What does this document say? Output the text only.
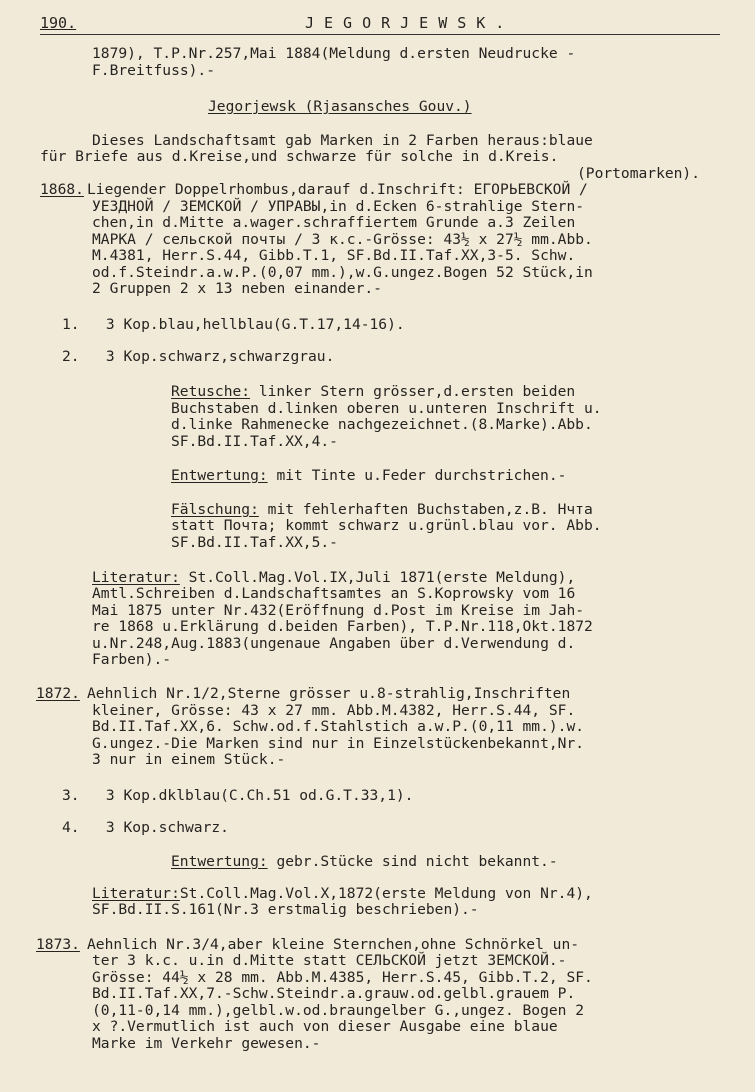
190.	JEGORJEWSK.
1879), T.P.Nr.257,Mai 1884(Meldung d.ersten Neudrucke -
F.Breitfuss).-
Jegorjewsk (Rjasansches Gouv.)
Dieses Landschaftsamt gab Marken in 2 Farben heraus:blaue
für Briefe aus d.Kreise,und schwarze für solche in d.Kreis.
(Portomarken).
1868. Liegender Doppelrhombus,darauf d.Inschrift: ЕГОРЬЕВСКОЙ /
УЕЗДНОЙ / ЗЕМСКОЙ / УПРАВЫ,in d.Ecken 6-strahlige Stern-
chen,in d.Mitte a.wager.schraffiertem Grunde a.3 Zeilen
МАРКА / сельской почты / 3 к.с.-Grösse: 43½ x 27½ mm.Abb.
M.4381, Herr.S.44, Gibb.T.1, SF.Bd.II.Taf.XX,3-5. Schw.
od.f.Steindr.a.w.P.(0,07 mm.),w.G.ungez.Bogen 52 Stück,in
2 Gruppen 2 x 13 neben einander.-
1.   3 Kop.blau,hellblau(G.T.17,14-16).
2.   3 Kop.schwarz,schwarzgrau.
Retusche: linker Stern grösser,d.ersten beiden
Buchstaben d.linken oberen u.unteren Inschrift u.
d.linke Rahmenecke nachgezeichnet.(8.Marke).Abb.
SF.Bd.II.Taf.XX,4.-
Entwertung: mit Tinte u.Feder durchstrichen.-
Fälschung: mit fehlerhaften Buchstaben,z.B. Нчта
statt Почта; kommt schwarz u.grünl.blau vor. Abb.
SF.Bd.II.Taf.XX,5.-
Literatur: St.Coll.Mag.Vol.IX,Juli 1871(erste Meldung),
Amtl.Schreiben d.Landschaftsamtes an S.Koprowsky vom 16
Mai 1875 unter Nr.432(Eröffnung d.Post im Kreise im Jah-
re 1868 u.Erklärung d.beiden Farben), T.P.Nr.118,Okt.1872
u.Nr.248,Aug.1883(ungenaue Angaben über d.Verwendung d.
Farben).-
1872. Aehnlich Nr.1/2,Sterne grösser u.8-strahlig,Inschriften
kleiner, Grösse: 43 x 27 mm. Abb.M.4382, Herr.S.44, SF.
Bd.II.Taf.XX,6. Schw.od.f.Stahlstich a.w.P.(0,11 mm.).w.
G.ungez.-Die Marken sind nur in Einzelstückenbekannt,Nr.
3 nur in einem Stück.-
3.   3 Kop.dklblau(C.Ch.51 od.G.T.33,1).
4.   3 Kop.schwarz.
Entwertung: gebr.Stücke sind nicht bekannt.-
Literatur:St.Coll.Mag.Vol.X,1872(erste Meldung von Nr.4),
SF.Bd.II.S.161(Nr.3 erstmalig beschrieben).-
1873. Aehnlich Nr.3/4,aber kleine Sternchen,ohne Schnörkel un-
ter 3 k.c. u.in d.Mitte statt СЕЛЬСКОЙ jetzt ЗЕМСКОЙ.-
Grösse: 44½ x 28 mm. Abb.M.4385, Herr.S.45, Gibb.T.2, SF.
Bd.II.Taf.XX,7.-Schw.Steindr.a.grauw.od.gelbl.grauem P.
(0,11-0,14 mm.),gelbl.w.od.braungelber G.,ungez. Bogen 2
x ?.Vermutlich ist auch von dieser Ausgabe eine blaue
Marke im Verkehr gewesen.-
